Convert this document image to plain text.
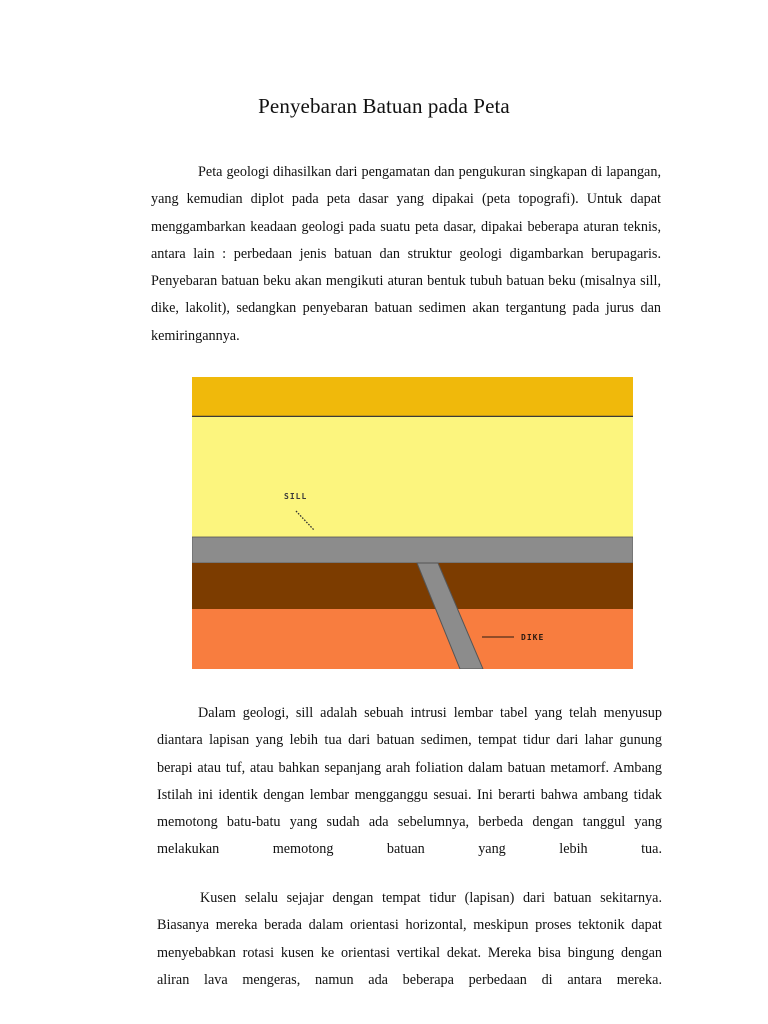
Penyebaran Batuan pada Peta

Peta geologi dihasilkan dari pengamatan dan pengukuran singkapan di lapangan, yang kemudian diplot pada peta dasar yang dipakai (peta topografi). Untuk dapat menggambarkan keadaan geologi pada suatu peta dasar, dipakai beberapa aturan teknis, antara lain : perbedaan jenis batuan dan struktur geologi digambarkan berupagaris. Penyebaran batuan beku akan mengikuti aturan bentuk tubuh batuan beku (misalnya sill, dike, lakolit), sedangkan penyebaran batuan sedimen akan tergantung pada jurus dan kemiringannya.

SILL
DIKE

Dalam geologi, sill adalah sebuah intrusi lembar tabel yang telah menyusup diantara lapisan yang lebih tua dari batuan sedimen, tempat tidur dari lahar gunung berapi atau tuf, atau bahkan sepanjang arah foliation dalam batuan metamorf. Ambang Istilah ini identik dengan lembar mengganggu sesuai. Ini berarti bahwa ambang tidak memotong batu-batu yang sudah ada sebelumnya, berbeda dengan tanggul yang melakukan memotong batuan yang lebih tua.

Kusen selalu sejajar dengan tempat tidur (lapisan) dari batuan sekitarnya. Biasanya mereka berada dalam orientasi horizontal, meskipun proses tektonik dapat menyebabkan rotasi kusen ke orientasi vertikal dekat. Mereka bisa bingung dengan aliran lava mengeras, namun ada beberapa perbedaan di antara mereka.
